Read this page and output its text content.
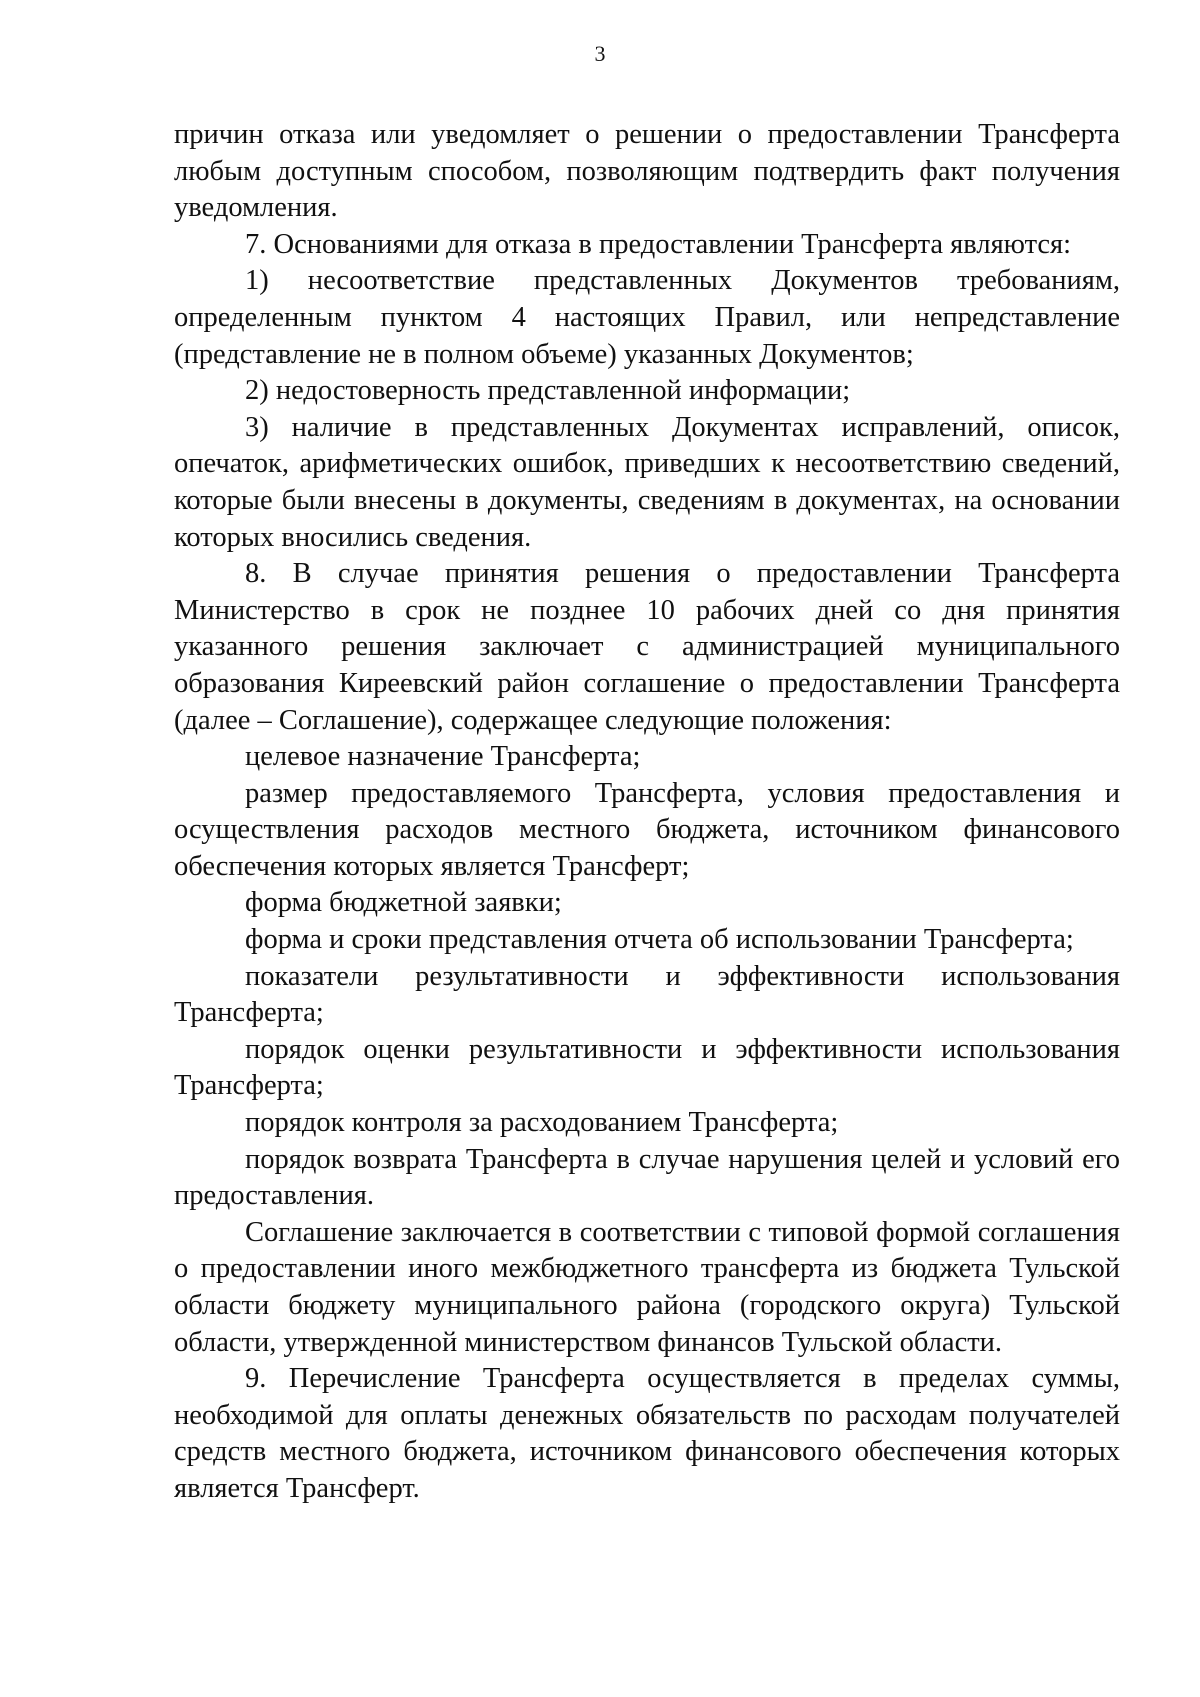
3

причин отказа или уведомляет о решении о предоставлении Трансферта любым доступным способом, позволяющим подтвердить факт получения уведомления.

7. Основаниями для отказа в предоставлении Трансферта являются:

1) несоответствие представленных Документов требованиям, определенным пунктом 4 настоящих Правил, или непредставление (представление не в полном объеме) указанных Документов;

2) недостоверность представленной информации;

3) наличие в представленных Документах исправлений, описок, опечаток, арифметических ошибок, приведших к несоответствию сведений, которые были внесены в документы, сведениям в документах, на основании которых вносились сведения.

8. В случае принятия решения о предоставлении Трансферта Министерство в срок не позднее 10 рабочих дней со дня принятия указанного решения заключает с администрацией муниципального образования Киреевский район соглашение о предоставлении Трансферта (далее – Соглашение), содержащее следующие положения:

целевое назначение Трансферта;

размер предоставляемого Трансферта, условия предоставления и осуществления расходов местного бюджета, источником финансового обеспечения которых является Трансферт;

форма бюджетной заявки;

форма и сроки представления отчета об использовании Трансферта;

показатели результативности и эффективности использования Трансферта;

порядок оценки результативности и эффективности использования Трансферта;

порядок контроля за расходованием Трансферта;

порядок возврата Трансферта в случае нарушения целей и условий его предоставления.

Соглашение заключается в соответствии с типовой формой соглашения о предоставлении иного межбюджетного трансферта из бюджета Тульской области бюджету муниципального района (городского округа) Тульской области, утвержденной министерством финансов Тульской области.

9. Перечисление Трансферта осуществляется в пределах суммы, необходимой для оплаты денежных обязательств по расходам получателей средств местного бюджета, источником финансового обеспечения которых является Трансферт.
